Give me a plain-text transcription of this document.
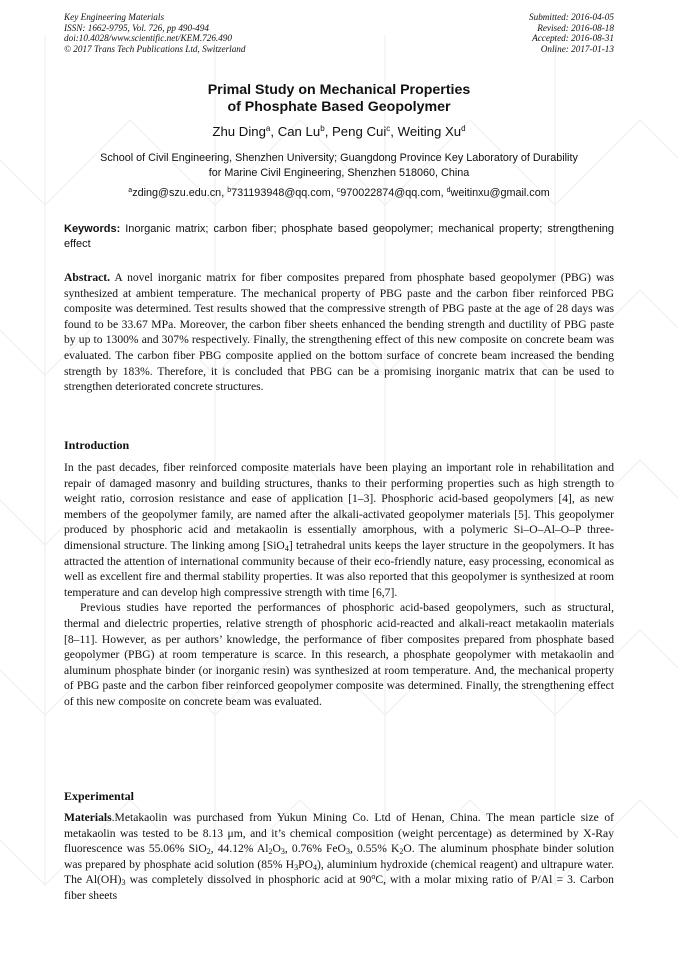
Key Engineering Materials
ISSN: 1662-9795, Vol. 726, pp 490-494
doi:10.4028/www.scientific.net/KEM.726.490
© 2017 Trans Tech Publications Ltd, Switzerland
Submitted: 2016-04-05
Revised: 2016-08-18
Accepted: 2016-08-31
Online: 2017-01-13
Primal Study on Mechanical Properties
of Phosphate Based Geopolymer
Zhu Ding$^a$, Can Lu$^b$, Peng Cui$^c$, Weiting Xu$^d$
School of Civil Engineering, Shenzhen University; Guangdong Province Key Laboratory of Durability
for Marine Civil Engineering, Shenzhen 518060, China
$^a$zding@szu.edu.cn, $^b$731193948@qq.com, $^c$970022874@qq.com, $^d$weitinxu@gmail.com
Keywords: Inorganic matrix; carbon fiber; phosphate based geopolymer; mechanical property; strengthening effect

Abstract. A novel inorganic matrix for fiber composites prepared from phosphate based geopolymer (PBG) was synthesized at ambient temperature. The mechanical property of PBG paste and the carbon fiber reinforced PBG composite was determined. Test results showed that the compressive strength of PBG paste at the age of 28 days was found to be 33.67 MPa. Moreover, the carbon fiber sheets enhanced the bending strength and ductility of PBG paste by up to 1300% and 307% respectively. Finally, the strengthening effect of this new composite on concrete beam was evaluated. The carbon fiber PBG composite applied on the bottom surface of concrete beam increased the bending strength by 183%. Therefore, it is concluded that PBG can be a promising inorganic matrix that can be used to strengthen deteriorated concrete structures.

Introduction

In the past decades, fiber reinforced composite materials have been playing an important role in rehabilitation and repair of damaged masonry and building structures, thanks to their performing properties such as high strength to weight ratio, corrosion resistance and ease of application [1–3]. Phosphoric acid-based geopolymers [4], as new members of the geopolymer family, are named after the alkali-activated geopolymer materials [5]. This geopolymer produced by phosphoric acid and metakaolin is essentially amorphous, with a polymeric Si–O–Al–O–P three-dimensional structure. The linking among [SiO$_4$] tetrahedral units keeps the layer structure in the geopolymers. It has attracted the attention of international community because of their eco-friendly nature, easy processing, economical as well as excellent fire and thermal stability properties. It was also reported that this geopolymer is synthesized at room temperature and can develop high compressive strength with time [6,7].

Previous studies have reported the performances of phosphoric acid-based geopolymers, such as structural, thermal and dielectric properties, relative strength of phosphoric acid-reacted and alkali-react metakaolin materials [8–11]. However, as per authors’ knowledge, the performance of fiber composites prepared from phosphate based geopolymer (PBG) at room temperature is scarce. In this research, a phosphate geopolymer with metakaolin and aluminum phosphate binder (or inorganic resin) was synthesized at room temperature. And, the mechanical property of PBG paste and the carbon fiber reinforced geopolymer composite was determined. Finally, the strengthening effect of this new composite on concrete beam was evaluated.

Experimental

Materials.Metakaolin was purchased from Yukun Mining Co. Ltd of Henan, China. The mean particle size of metakaolin was tested to be 8.13 μm, and it’s chemical composition (weight percentage) as determined by X-Ray fluorescence was 55.06% SiO$_2$, 44.12% $Al_2O_3$, 0.76% FeO$_3$, 0.55% $K_2O$. The aluminum phosphate binder solution was prepared by phosphate acid solution (85% $H_3PO_4$), aluminium hydroxide (chemical reagent) and ultrapure water. The $Al(OH)_3$ was completely dissolved in phosphoric acid at 90$^o$C, with a molar mixing ratio of P/Al = 3. Carbon fiber sheets
